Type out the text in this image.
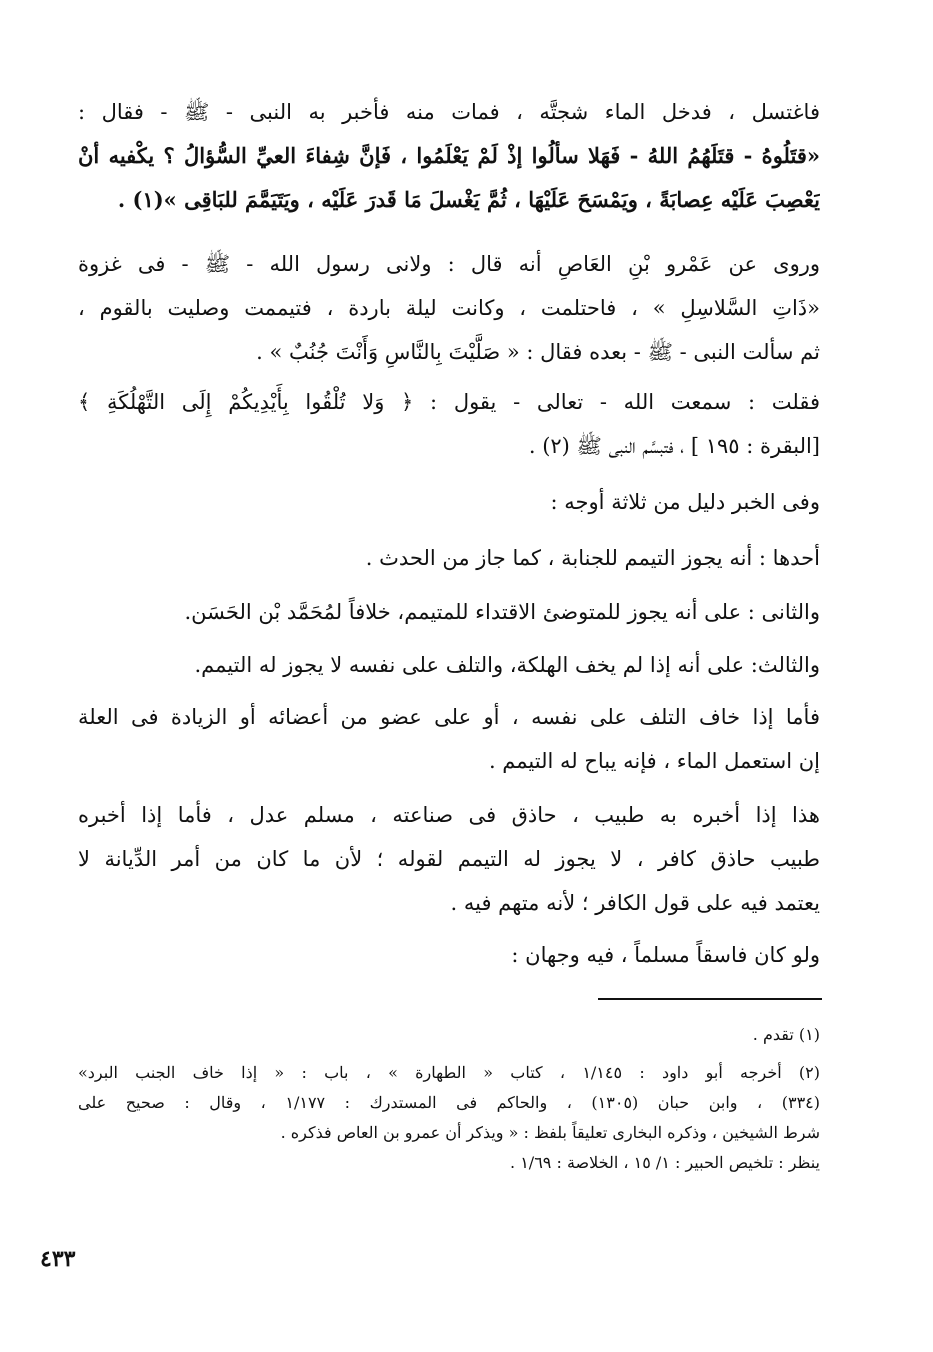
فاغتسل ، فدخل الماء شجتَّه ، فمات منه فأخبر به النبى - ﷺ - فقال :
«قتَلُوهُ - قتَلَهُمُ اللهُ - فَهَلا سألُوا إذْ لَمْ يَعْلَمُوا ، فَإنَّ شِفاءَ العيِّ السُّؤالُ ؟ يكْفيه أنْ
يَعْصِبَ عَلَيْه عِصابَةً ، ويَمْسَحَ عَلَيْهَا ، ثُمَّ يَغْسلَ مَا قَدرَ عَلَيْه ، ويَتَيَمَّمَ للبَاقِى »(١) .

وروى عن عَمْرو بْنِ العَاصِ أنه قال : ولانى رسول الله - ﷺ - فى غزوة
«ذَاتِ السَّلاسِلِ » ، فاحتلمت ، وكانت ليلة باردة ، فتيممت وصليت بالقوم ،
ثم سألت النبى - ﷺ - بعده فقال : « صَلَّيْتَ بِالنَّاسِ وَأَنْتَ جُنُبٌ » .

فقلت : سمعت الله - تعالى - يقول : ﴿ وَلا تُلْقُوا بِأَيْدِيكُمْ إِلَى التَّهْلُكَةِ ﴾
[البقرة : ١٩٥ ] ، فتبسَّم النبى ﷺ (٢) .

وفى الخبر دليل من ثلاثة أوجه :

أحدها : أنه يجوز التيمم للجنابة ، كما جاز من الحدث .

والثانى : على أنه يجوز للمتوضئ الاقتداء للمتيمم، خلافاً لمُحَمَّد بْن الحَسَن.

والثالث: على أنه إذا لم يخف الهلكة، والتلف على نفسه لا يجوز له التيمم.

فأما إذا خاف التلف على نفسه ، أو على عضو من أعضائه أو الزيادة فى العلة
إن استعمل الماء ، فإنه يباح له التيمم .

هذا إذا أخبره به طبيب ، حاذق فى صناعته ، مسلم عدل ، فأما إذا أخبره
طبيب حاذق كافر ، لا يجوز له التيمم لقوله ؛ لأن ما كان من أمر الدِّيانة لا
يعتمد فيه على قول الكافر ؛ لأنه متهم فيه .

ولو كان فاسقاً مسلماً ، فيه وجهان :

(١) تقدم .
(٢) أخرجه أبو داود : ١/١٤٥ ، كتاب « الطهارة » ، باب : « إذا خاف الجنب البرد»
(٣٣٤) ، وابن حبان (١٣٠٥) ، والحاكم فى المستدرك : ١/١٧٧ ، وقال : صحيح على
شرط الشيخين ، وذكره البخارى تعليقاً بلفظ : « ويذكر أن عمرو بن العاص فذكره .
ينظر : تلخيص الحبير : ١/ ١٥ ، الخلاصة : ١/٦٩ .
٤٣٣
